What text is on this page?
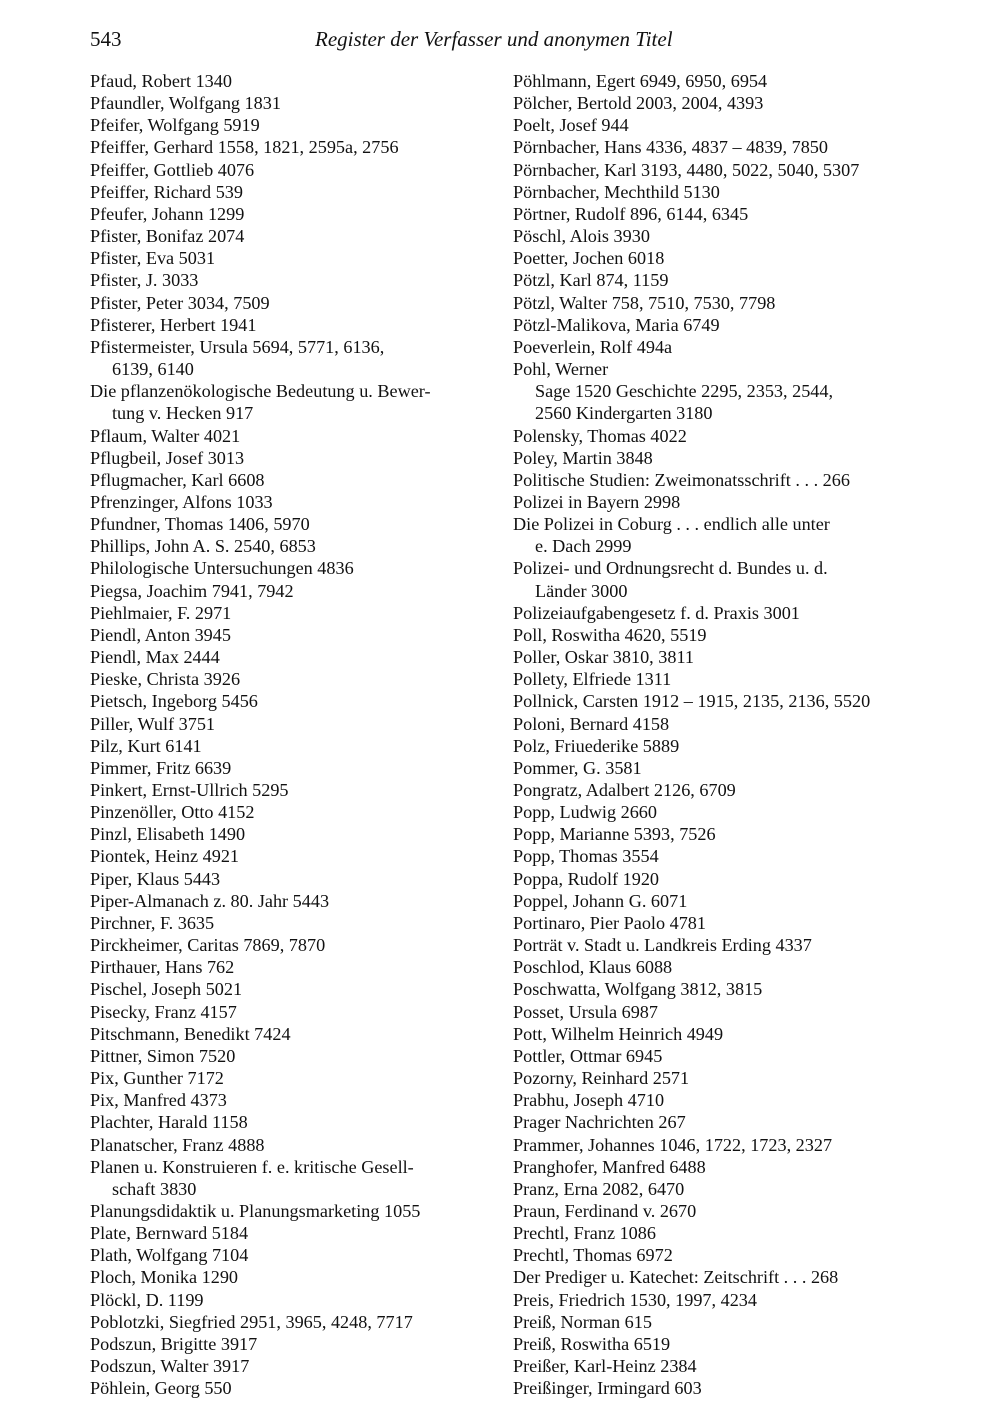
543	Register der Verfasser und anonymen Titel
Pfaud, Robert 1340
Pfaundler, Wolfgang 1831
Pfeifer, Wolfgang 5919
Pfeiffer, Gerhard 1558, 1821, 2595a, 2756
Pfeiffer, Gottlieb 4076
Pfeiffer, Richard 539
Pfeufer, Johann 1299
Pfister, Bonifaz 2074
Pfister, Eva 5031
Pfister, J. 3033
Pfister, Peter 3034, 7509
Pfisterer, Herbert 1941
Pfistermeister, Ursula 5694, 5771, 6136,
6139, 6140
Die pflanzenökologische Bedeutung u. Bewer-
tung v. Hecken 917
Pflaum, Walter 4021
Pflugbeil, Josef 3013
Pflugmacher, Karl 6608
Pfrenzinger, Alfons 1033
Pfundner, Thomas 1406, 5970
Phillips, John A. S. 2540, 6853
Philologische Untersuchungen 4836
Piegsa, Joachim 7941, 7942
Piehlmaier, F. 2971
Piendl, Anton 3945
Piendl, Max 2444
Pieske, Christa 3926
Pietsch, Ingeborg 5456
Piller, Wulf 3751
Pilz, Kurt 6141
Pimmer, Fritz 6639
Pinkert, Ernst-Ullrich 5295
Pinzenöller, Otto 4152
Pinzl, Elisabeth 1490
Piontek, Heinz 4921
Piper, Klaus 5443
Piper-Almanach z. 80. Jahr 5443
Pirchner, F. 3635
Pirckheimer, Caritas 7869, 7870
Pirthauer, Hans 762
Pischel, Joseph 5021
Pisecky, Franz 4157
Pitschmann, Benedikt 7424
Pittner, Simon 7520
Pix, Gunther 7172
Pix, Manfred 4373
Plachter, Harald 1158
Planatscher, Franz 4888
Planen u. Konstruieren f. e. kritische Gesell-
schaft 3830
Planungsdidaktik u. Planungsmarketing 1055
Plate, Bernward 5184
Plath, Wolfgang 7104
Ploch, Monika 1290
Plöckl, D. 1199
Poblotzki, Siegfried 2951, 3965, 4248, 7717
Podszun, Brigitte 3917
Podszun, Walter 3917
Pöhlein, Georg 550
Pöhlmann, Egert 6949, 6950, 6954
Pölcher, Bertold 2003, 2004, 4393
Poelt, Josef 944
Pörnbacher, Hans 4336, 4837 – 4839, 7850
Pörnbacher, Karl 3193, 4480, 5022, 5040, 5307
Pörnbacher, Mechthild 5130
Pörtner, Rudolf 896, 6144, 6345
Pöschl, Alois 3930
Poetter, Jochen 6018
Pötzl, Karl 874, 1159
Pötzl, Walter 758, 7510, 7530, 7798
Pötzl-Malikova, Maria 6749
Poeverlein, Rolf 494a
Pohl, Werner
Sage 1520 Geschichte 2295, 2353, 2544,
2560 Kindergarten 3180
Polensky, Thomas 4022
Poley, Martin 3848
Politische Studien: Zweimonatsschrift . . . 266
Polizei in Bayern 2998
Die Polizei in Coburg . . . endlich alle unter
e. Dach 2999
Polizei- und Ordnungsrecht d. Bundes u. d.
Länder 3000
Polizeiaufgabengesetz f. d. Praxis 3001
Poll, Roswitha 4620, 5519
Poller, Oskar 3810, 3811
Pollety, Elfriede 1311
Pollnick, Carsten 1912 – 1915, 2135, 2136, 5520
Poloni, Bernard 4158
Polz, Friuederike 5889
Pommer, G. 3581
Pongratz, Adalbert 2126, 6709
Popp, Ludwig 2660
Popp, Marianne 5393, 7526
Popp, Thomas 3554
Poppa, Rudolf 1920
Poppel, Johann G. 6071
Portinaro, Pier Paolo 4781
Porträt v. Stadt u. Landkreis Erding 4337
Poschlod, Klaus 6088
Poschwatta, Wolfgang 3812, 3815
Posset, Ursula 6987
Pott, Wilhelm Heinrich 4949
Pottler, Ottmar 6945
Pozorny, Reinhard 2571
Prabhu, Joseph 4710
Prager Nachrichten 267
Prammer, Johannes 1046, 1722, 1723, 2327
Pranghofer, Manfred 6488
Pranz, Erna 2082, 6470
Praun, Ferdinand v. 2670
Prechtl, Franz 1086
Prechtl, Thomas 6972
Der Prediger u. Katechet: Zeitschrift . . . 268
Preis, Friedrich 1530, 1997, 4234
Preiß, Norman 615
Preiß, Roswitha 6519
Preißer, Karl-Heinz 2384
Preißinger, Irmingard 603
